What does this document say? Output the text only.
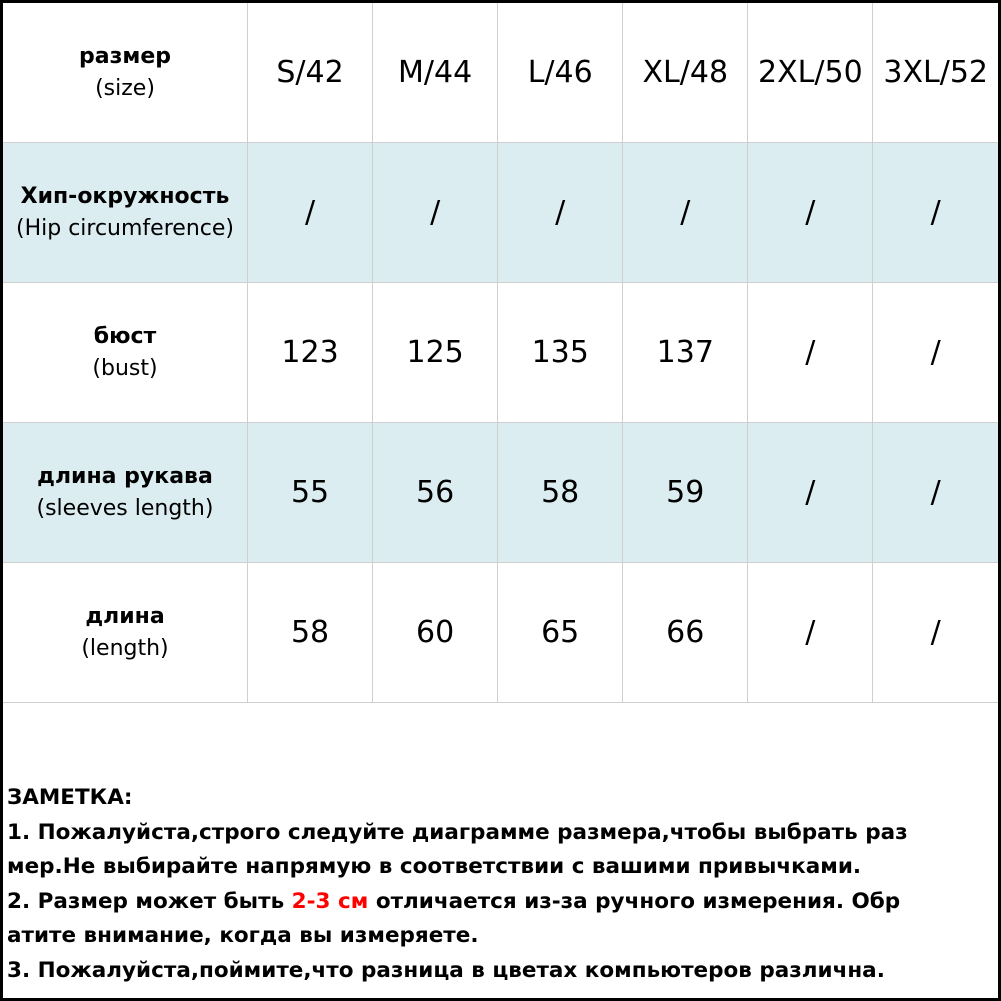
размер
(size)	S/42	M/44	L/46	XL/48	2XL/50	3XL/52

Хип-окружность
(Hip circumference)	/	/	/	/	/	/

бюст
(bust)	123	125	135	137	/	/

длина рукава
(sleeves length)	55	56	58	59	/	/

длина
(length)	58	60	65	66	/	/
ЗАМЕТКА:
1. Пожалуйста,строго следуйте диаграмме размера,чтобы выбрать раз
мер.Не выбирайте напрямую в соответствии с вашими привычками.
2. Размер может быть 2-3 см отличается из-за ручного измерения. Обр
атите внимание, когда вы измеряете.
3. Пожалуйста,поймите,что разница в цветах компьютеров различна.
